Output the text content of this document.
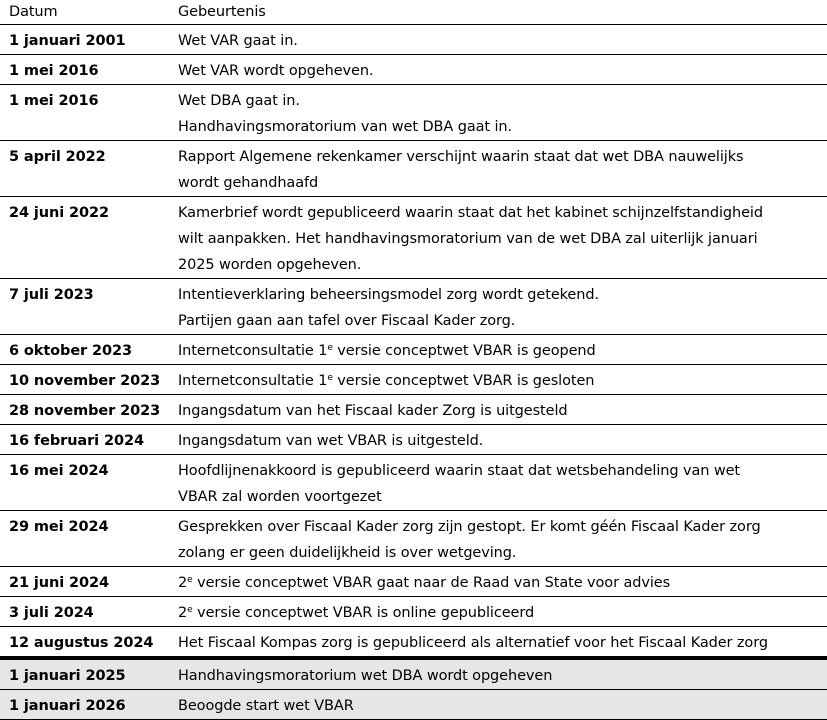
Datum	Gebeurtenis
1 januari 2001	Wet VAR gaat in.

1 mei 2016	Wet VAR wordt opgeheven.

1 mei 2016	Wet DBA gaat in.
Handhavingsmoratorium van wet DBA gaat in.

5 april 2022	Rapport Algemene rekenkamer verschijnt waarin staat dat wet DBA nauwelijks
wordt gehandhaafd

24 juni 2022	Kamerbrief wordt gepubliceerd waarin staat dat het kabinet schijnzelfstandigheid
wilt aanpakken. Het handhavingsmoratorium van de wet DBA zal uiterlijk januari
2025 worden opgeheven.

7 juli 2023	Intentieverklaring beheersingsmodel zorg wordt getekend.
Partijen gaan aan tafel over Fiscaal Kader zorg.

6 oktober 2023	Internetconsultatie 1e versie conceptwet VBAR is geopend

10 november 2023	Internetconsultatie 1e versie conceptwet VBAR is gesloten

28 november 2023	Ingangsdatum van het Fiscaal kader Zorg is uitgesteld

16 februari 2024	Ingangsdatum van wet VBAR is uitgesteld.

16 mei 2024	Hoofdlijnenakkoord is gepubliceerd waarin staat dat wetsbehandeling van wet
VBAR zal worden voortgezet

29 mei 2024	Gesprekken over Fiscaal Kader zorg zijn gestopt. Er komt géén Fiscaal Kader zorg
zolang er geen duidelijkheid is over wetgeving.

21 juni 2024	2e versie conceptwet VBAR gaat naar de Raad van State voor advies

3 juli 2024	2e versie conceptwet VBAR is online gepubliceerd

12 augustus 2024	Het Fiscaal Kompas zorg is gepubliceerd als alternatief voor het Fiscaal Kader zorg

1 januari 2025	Handhavingsmoratorium wet DBA wordt opgeheven

1 januari 2026	Beoogde start wet VBAR
